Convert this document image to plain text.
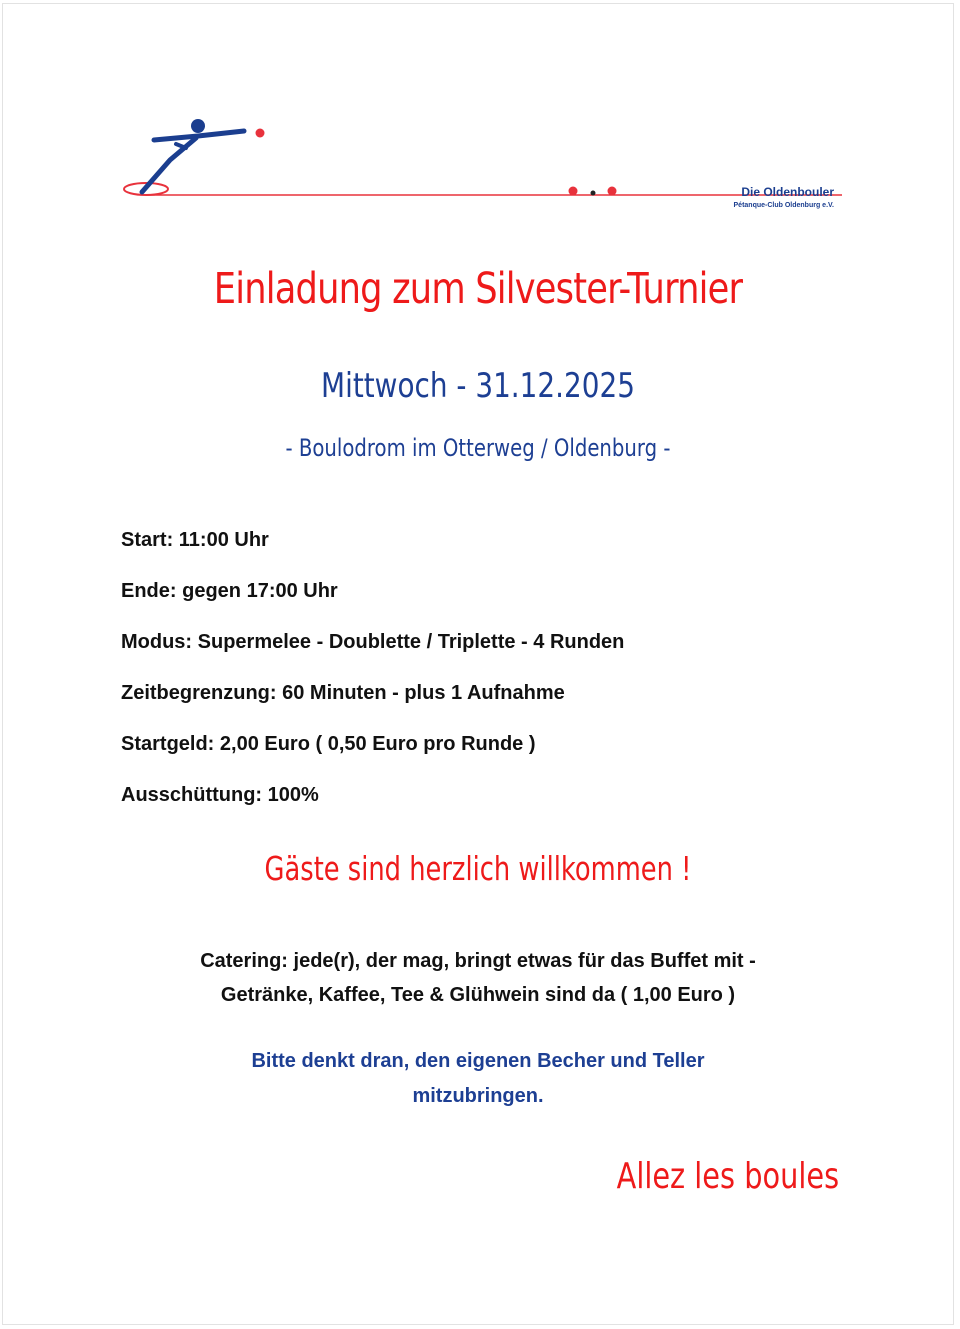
Die Oldenbouler
Pétanque-Club Oldenburg e.V.
Einladung zum Silvester-Turnier
Mittwoch - 31.12.2025
- Boulodrom im Otterweg / Oldenburg -
Start: 11:00 Uhr
Ende: gegen 17:00 Uhr
Modus: Supermelee - Doublette / Triplette - 4 Runden
Zeitbegrenzung: 60 Minuten - plus 1 Aufnahme
Startgeld: 2,00 Euro ( 0,50 Euro pro Runde )
Ausschüttung: 100%
Gäste sind herzlich willkommen !
Catering: jede(r), der mag, bringt etwas für das Buffet mit -
Getränke, Kaffee, Tee & Glühwein sind da ( 1,00 Euro )
Bitte denkt dran, den eigenen Becher und Teller
mitzubringen.
Allez les boules
